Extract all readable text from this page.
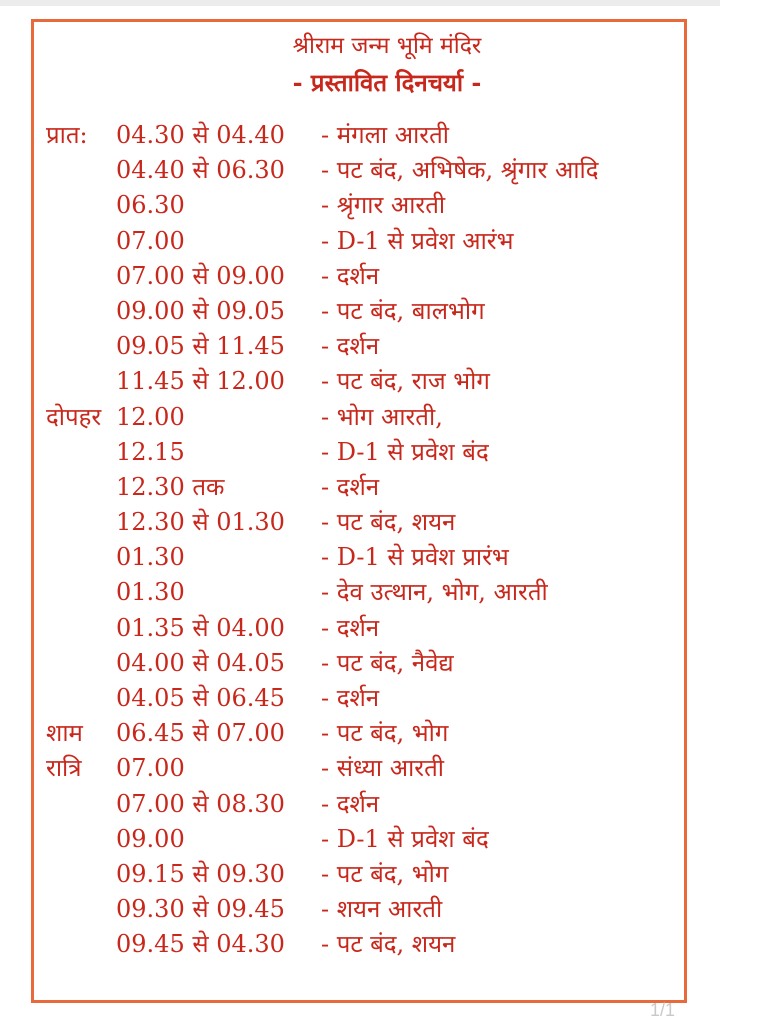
श्रीराम जन्म भूमि मंदिर
- प्रस्तावित दिनचर्या -
प्रात: 04.30 से 04.40 - मंगला आरती
04.40 से 06.30 - पट बंद, अभिषेक, श्रृंगार आदि
06.30	- श्रृंगार आरती
07.00	- D-1 से प्रवेश आरंभ
07.00 से 09.00 - दर्शन
09.00 से 09.05 - पट बंद, बालभोग
09.05 से 11.45 - दर्शन
11.45 से 12.00 - पट बंद, राज भोग
दोपहर 12.00	- भोग आरती,
12.15	- D-1 से प्रवेश बंद
12.30 तक	- दर्शन
12.30 से 01.30 - पट बंद, शयन
01.30	- D-1 से प्रवेश प्रारंभ
01.30	- देव उत्थान, भोग, आरती
01.35 से 04.00 - दर्शन
04.00 से 04.05 - पट बंद, नैवेद्य
04.05 से 06.45 - दर्शन
शाम 06.45 से 07.00 - पट बंद, भोग
रात्रि 07.00	- संध्या आरती
07.00 से 08.30 - दर्शन
09.00	- D-1 से प्रवेश बंद
09.15 से 09.30 - पट बंद, भोग
09.30 से 09.45 - शयन आरती
09.45 से 04.30 - पट बंद, शयन
1/1
